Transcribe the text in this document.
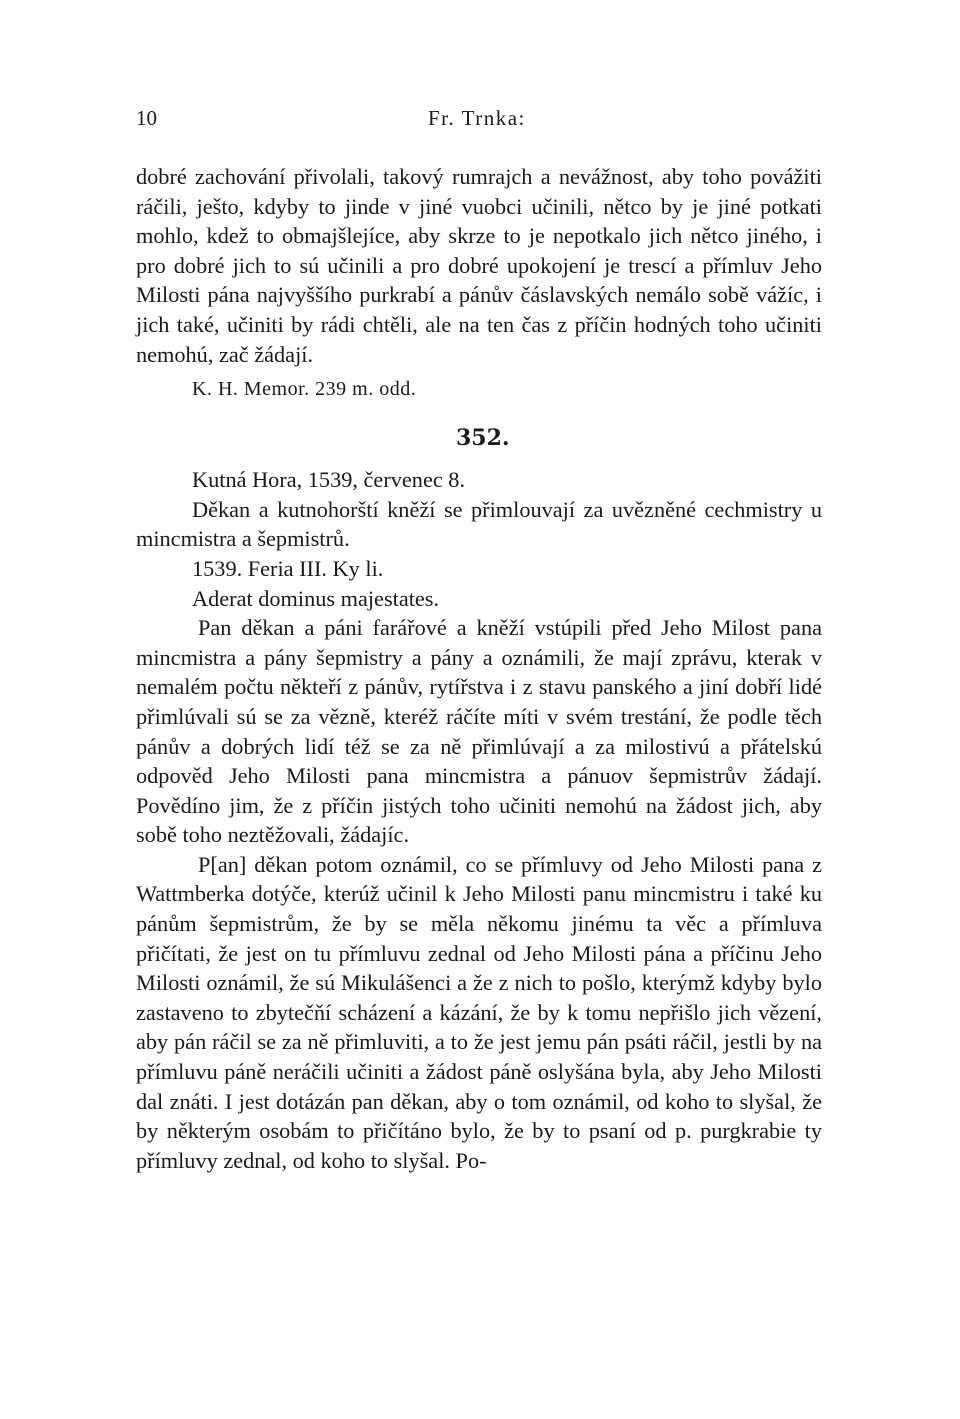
10	Fr. Trnka:

dobré zachování přivolali, takový rumrajch a nevážnost, aby toho povážiti ráčili, ješto, kdyby to jinde v jiné vuobci učinili, nětco by je jiné potkati mohlo, kdež to obmajšlejíce, aby skrze to je nepotkalo jich nětco jiného, i pro dobré jich to sú učinili a pro dobré upokojení je trescí a přímluv Jeho Milosti pána najvyššího purkrabí a pánův čáslavských nemálo sobě vážíc, i jich také, učiniti by rádi chtěli, ale na ten čas z příčin hodných toho učiniti nemohú, zač žádají.

K. H. Memor. 239 m. odd.

352.

Kutná Hora, 1539, červenec 8.

Děkan a kutnohorští kněží se přimlouvají za uvězněné cechmistry u mincmistra a šepmistrů.

1539. Feria III. Ky li.

Aderat dominus majestates.

Pan děkan a páni farářové a kněží vstúpili před Jeho Milost pana mincmistra a pány šepmistry a pány a oznámili, že mají zprávu, kterak v nemalém počtu někteří z pánův, rytířstva i z stavu panského a jiní dobří lidé přimlúvali sú se za vězně, kteréž ráčíte míti v svém trestání, že podle těch pánův a dobrých lidí též se za ně přimlúvají a za milostivú a přátelskú odpověd Jeho Milosti pana mincmistra a pánuov šepmistrův žádají. Povědíno jim, že z příčin jistých toho učiniti nemohú na žádost jich, aby sobě toho neztěžovali, žádajíc.

P[an] děkan potom oznámil, co se přímluvy od Jeho Milosti pana z Wattmberka dotýče, kterúž učinil k Jeho Milosti panu mincmistru i také ku pánům šepmistrům, že by se měla někomu jinému ta věc a přímluva přičítati, že jest on tu přímluvu zednal od Jeho Milosti pána a příčinu Jeho Milosti oznámil, že sú Mikulášenci a že z nich to pošlo, kterýmž kdyby bylo zastaveno to zbytečňí scházení a kázání, že by k tomu nepřišlo jich vězení, aby pán ráčil se za ně přimluviti, a to že jest jemu pán psáti ráčil, jestli by na přímluvu páně neráčili učiniti a žádost páně oslyšána byla, aby Jeho Milosti dal znáti. I jest dotázán pan děkan, aby o tom oznámil, od koho to slyšal, že by některým osobám to přičítáno bylo, že by to psaní od p. purgkrabie ty přímluvy zednal, od koho to slyšal. Po-
